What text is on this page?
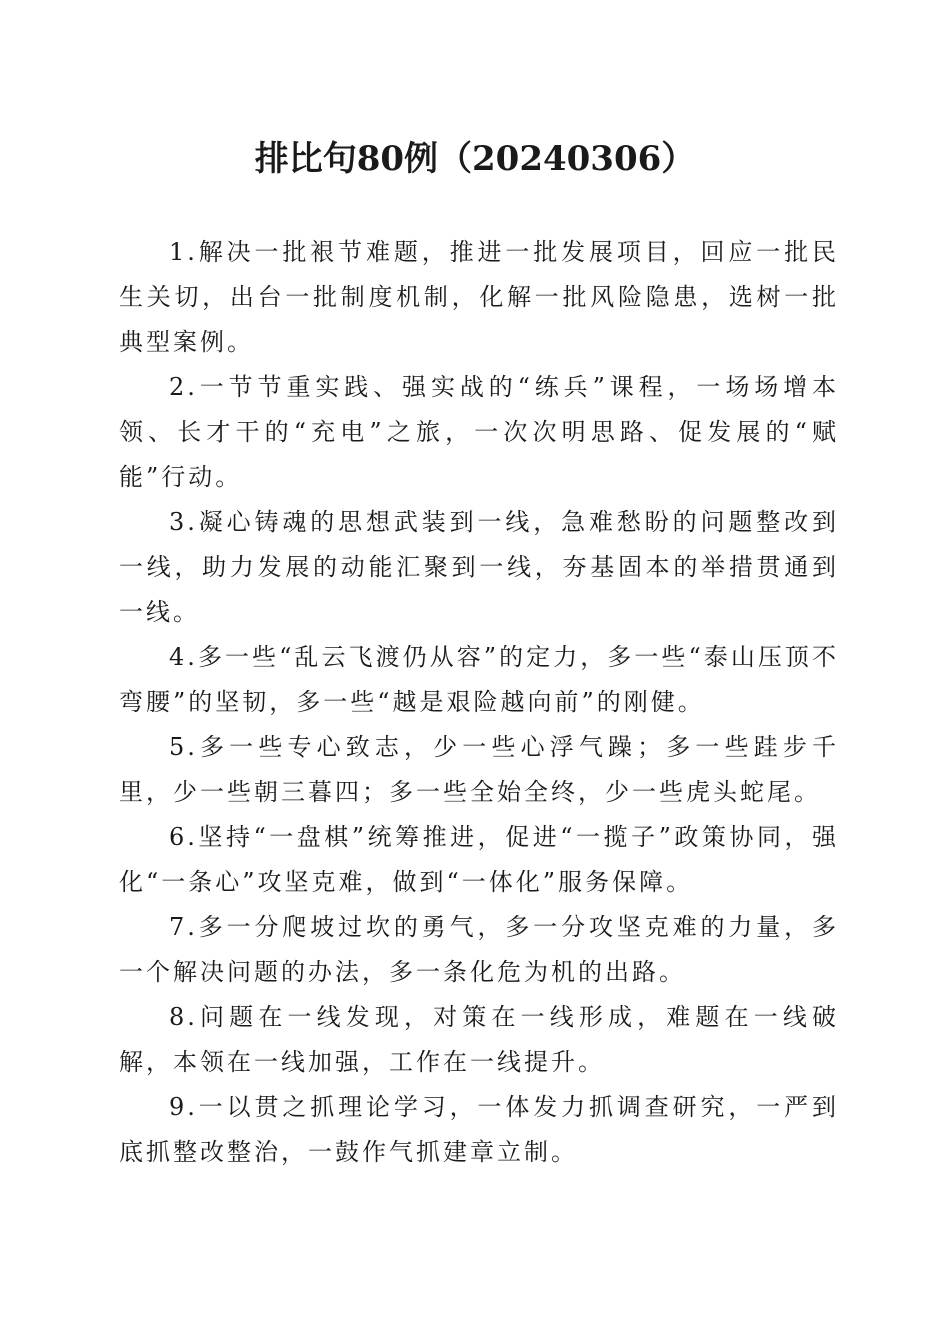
排比句80例（20240306）

1.解决一批裉节难题，推进一批发展项目，回应一批民生关切，出台一批制度机制，化解一批风险隐患，选树一批典型案例。

2.一节节重实践、强实战的“练兵”课程，一场场增本领、长才干的“充电”之旅，一次次明思路、促发展的“赋能”行动。

3.凝心铸魂的思想武装到一线，急难愁盼的问题整改到一线，助力发展的动能汇聚到一线，夯基固本的举措贯通到一线。

4.多一些“乱云飞渡仍从容”的定力，多一些“泰山压顶不弯腰”的坚韧，多一些“越是艰险越向前”的刚健。

5.多一些专心致志，少一些心浮气躁；多一些跬步千里，少一些朝三暮四；多一些全始全终，少一些虎头蛇尾。

6.坚持“一盘棋”统筹推进，促进“一揽子”政策协同，强化“一条心”攻坚克难，做到“一体化”服务保障。

7.多一分爬坡过坎的勇气，多一分攻坚克难的力量，多一个解决问题的办法，多一条化危为机的出路。

8.问题在一线发现，对策在一线形成，难题在一线破解，本领在一线加强，工作在一线提升。

9.一以贯之抓理论学习，一体发力抓调查研究，一严到底抓整改整治，一鼓作气抓建章立制。
